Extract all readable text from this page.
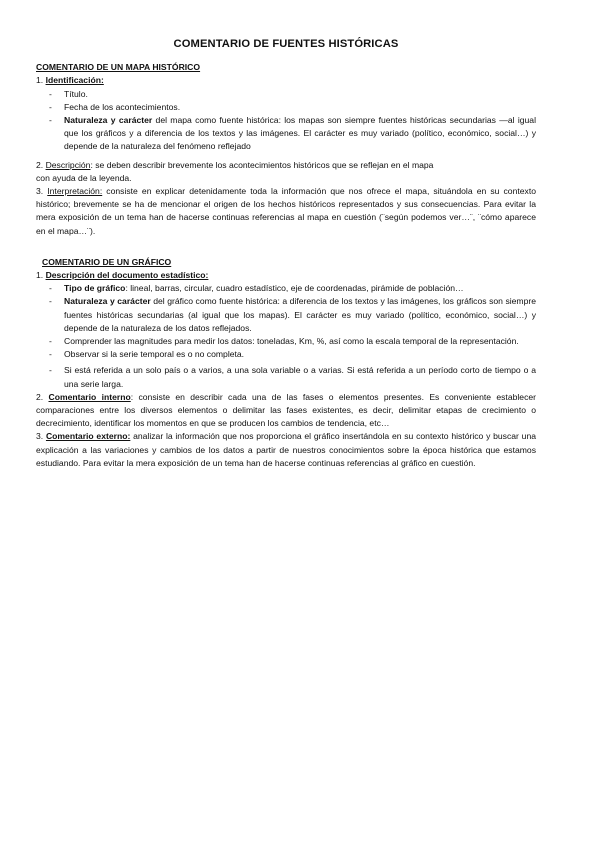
COMENTARIO DE FUENTES HISTÓRICAS
COMENTARIO DE UN MAPA HISTÓRICO

1. Identificación:

- Título.
- Fecha de los acontecimientos.
- Naturaleza y carácter del mapa como fuente histórica: los mapas son siempre fuentes históricas secundarias —al igual que los gráficos y a diferencia de los textos y las imágenes. El carácter es muy variado (político, económico, social…) y depende de la naturaleza del fenómeno reflejado

2. Descripción: se deben describir brevemente los acontecimientos históricos que se reflejan en el mapa
con ayuda de la leyenda.

3. Interpretación: consiste en explicar detenidamente toda la información que nos ofrece el mapa, situándola en su contexto histórico; brevemente se ha de mencionar el origen de los hechos históricos representados y sus consecuencias. Para evitar la mera exposición de un tema han de hacerse continuas referencias al mapa en cuestión (¨según podemos ver…¨, ¨cómo aparece en el mapa…¨).

COMENTARIO DE UN GRÁFICO

1. Descripción del documento estadístico:

- Tipo de gráfico: lineal, barras, circular, cuadro estadístico, eje de coordenadas, pirámide de población…
- Naturaleza y carácter del gráfico como fuente histórica: a diferencia de los textos y las imágenes, los gráficos son siempre fuentes históricas secundarias (al igual que los mapas). El carácter es muy variado (político, económico, social…) y depende de la naturaleza de los datos reflejados.
- Comprender las magnitudes para medir los datos: toneladas, Km, %, así como la escala temporal de la representación.
- Observar si la serie temporal es o no completa.
- Si está referida a un solo país o a varios, a una sola variable o a varias. Si está referida a un período corto de tiempo o a una serie larga.

2. Comentario interno: consiste en describir cada una de las fases o elementos presentes. Es conveniente establecer comparaciones entre los diversos elementos o delimitar las fases existentes, es decir, delimitar etapas de crecimiento o decrecimiento, identificar los momentos en que se producen los cambios de tendencia, etc…

3. Comentario externo: analizar la información que nos proporciona el gráfico insertándola en su contexto histórico y buscar una explicación a las variaciones y cambios de los datos a partir de nuestros conocimientos sobre la época histórica que estamos estudiando. Para evitar la mera exposición de un tema han de hacerse continuas referencias al gráfico en cuestión.
